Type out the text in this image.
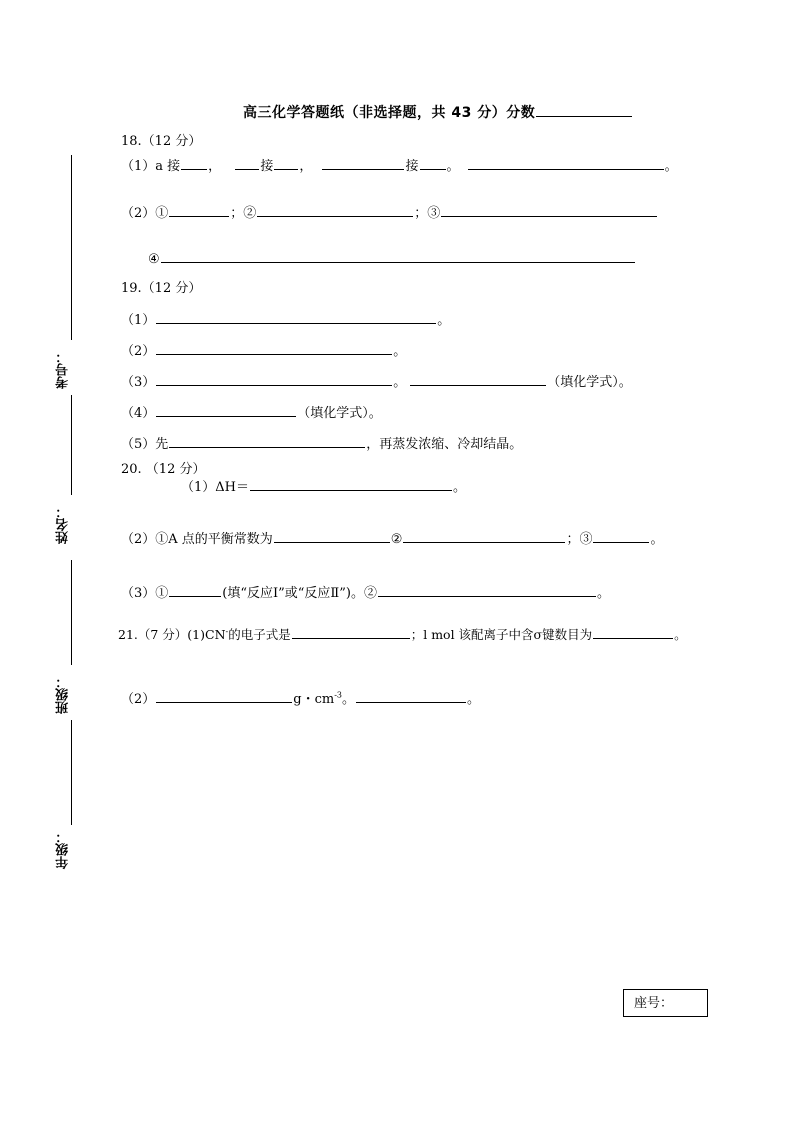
高三化学答题纸（非选择题，共 43 分）分数
考号：
姓名：
班级：
年级：
18.（12 分）
（1）a 接 ，	接 ，	接 。	。
（2）①	；②	；③
④
19.（12 分）
（1）	。
（2）	。
（3）	。	（填化学式）。
（4）	（填化学式）。
（5）先	，再蒸发浓缩、冷却结晶。
20. （12 分）
（1）ΔH＝	。
（2）①A 点的平衡常数为	②	；③	。
（3）①	(填“反应Ⅰ”或“反应Ⅱ”)。②	。
21.（7 分）(1)CN-的电子式是	；l mol 该配离子中含σ键数目为	。
（2）	g・$cm^{-3}$。	。
座号：
